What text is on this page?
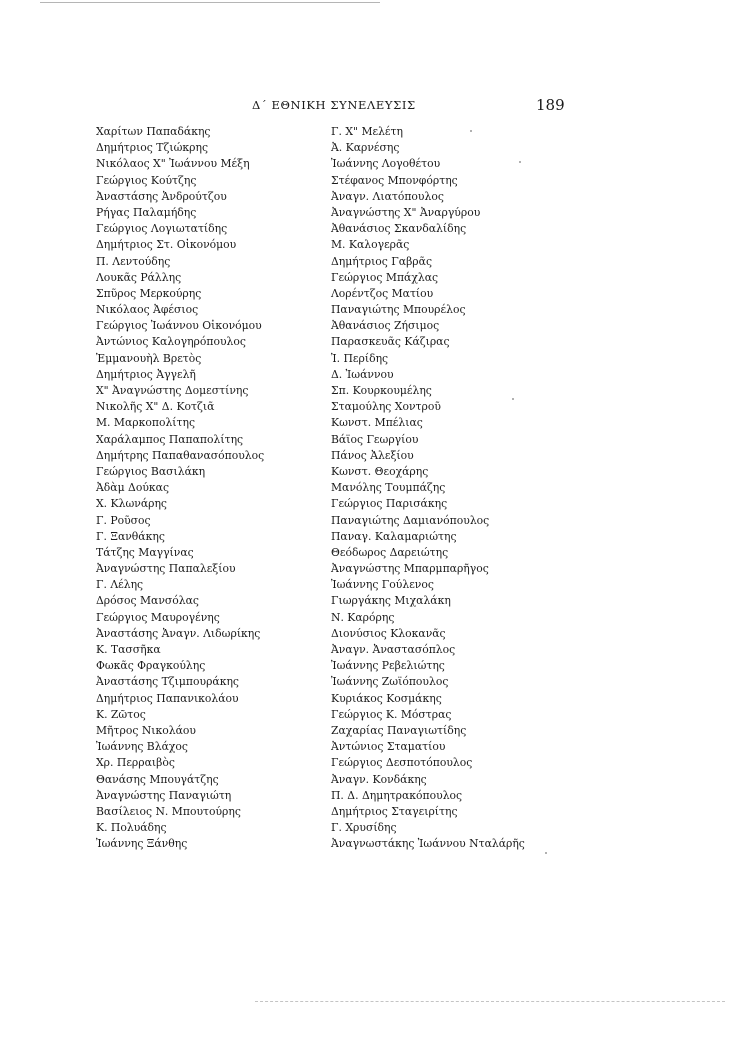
Δ΄ ΕΘΝΙΚΗ ΣΥΝΕΛΕΥΣΙΣ	189
Χαρίτων Παπαδάκης
Δημήτριος Τζιώκρης
Νικόλαος Χ" Ἰωάννου Μέξη
Γεώργιος Κούτζης
Ἀναστάσης Ἀνδρούτζου
Ρήγας Παλαμήδης
Γεώργιος Λογιωτατίδης
Δημήτριος Στ. Οἰκονόμου
Π. Λεντούδης
Λουκᾶς Ράλλης
Σπῦρος Μερκούρης
Νικόλαος Ἀφέσιος
Γεώργιος Ἰωάννου Οἰκονόμου
Ἀντώνιος Καλογηρόπουλος
Ἐμμανουὴλ Βρετὸς
Δημήτριος Ἀγγελῆ
Χ" Ἀναγνώστης Δομεστίνης
Νικολῆς Χ" Δ. Κοτζιᾶ
Μ. Μαρκοπολίτης
Χαράλαμπος Παπαπολίτης
Δημήτρης Παπαθανασόπουλος
Γεώργιος Βασιλάκη
Ἀδὰμ Δούκας
Χ. Κλωνάρης
Γ. Ροῦσος
Γ. Ξανθάκης
Τάτζης Μαγγίνας
Ἀναγνώστης Παπαλεξίου
Γ. Λέλης
Δρόσος Μανσόλας
Γεώργιος Μαυρογένης
Ἀναστάσης Ἀναγν. Λιδωρίκης
Κ. Τασσῆκα
Φωκᾶς Φραγκούλης
Ἀναστάσης Τζιμπουράκης
Δημήτριος Παπανικολάου
Κ. Ζῶτος
Μῆτρος Νικολάου
Ἰωάννης Βλάχος
Χρ. Περραιβὸς
Θανάσης Μπουγάτζης
Ἀναγνώστης Παναγιώτη
Βασίλειος Ν. Μπουτούρης
Κ. Πολυάδης
Ἰωάννης Ξάνθης
Γ. Χ" Μελέτη
Ἀ. Καρνέσης
Ἰωάννης Λογοθέτου
Στέφανος Μπονφόρτης
Ἀναγν. Λιατόπουλος
Ἀναγνώστης Χ" Ἀναργύρου
Ἀθανάσιος Σκανδαλίδης
Μ. Καλογερᾶς
Δημήτριος Γαβρᾶς
Γεώργιος Μπάχλας
Λορέντζος Ματίου
Παναγιώτης Μπουρέλος
Ἀθανάσιος Ζήσιμος
Παρασκευᾶς Κάζιρας
Ἰ. Περίδης
Δ. Ἰωάννου
Σπ. Κουρκουμέλης
Σταμούλης Χοντροῦ
Κωνστ. Μπέλιας
Βάϊος Γεωργίου
Πάνος Ἀλεξίου
Κωνστ. Θεοχάρης
Μανόλης Τουμπάζης
Γεώργιος Παρισάκης
Παναγιώτης Δαμιανόπουλος
Παναγ. Καλαμαριώτης
Θεόδωρος Δαρειώτης
Ἀναγνώστης Μπαρμπαρῆγος
Ἰωάννης Γούλενος
Γιωργάκης Μιχαλάκη
Ν. Καρόρης
Διονύσιος Κλοκανᾶς
Ἀναγν. Ἀναστασόπλος
Ἰωάννης Ρεβελιώτης
Ἰωάννης Ζωϊόπουλος
Κυριάκος Κοσμάκης
Γεώργιος Κ. Μόστρας
Ζαχαρίας Παναγιωτίδης
Ἀντώνιος Σταματίου
Γεώργιος Δεσποτόπουλος
Ἀναγν. Κονδάκης
Π. Δ. Δημητρακόπουλος
Δημήτριος Σταγειρίτης
Γ. Χρυσίδης
Ἀναγνωστάκης Ἰωάννου Νταλάρῆς
